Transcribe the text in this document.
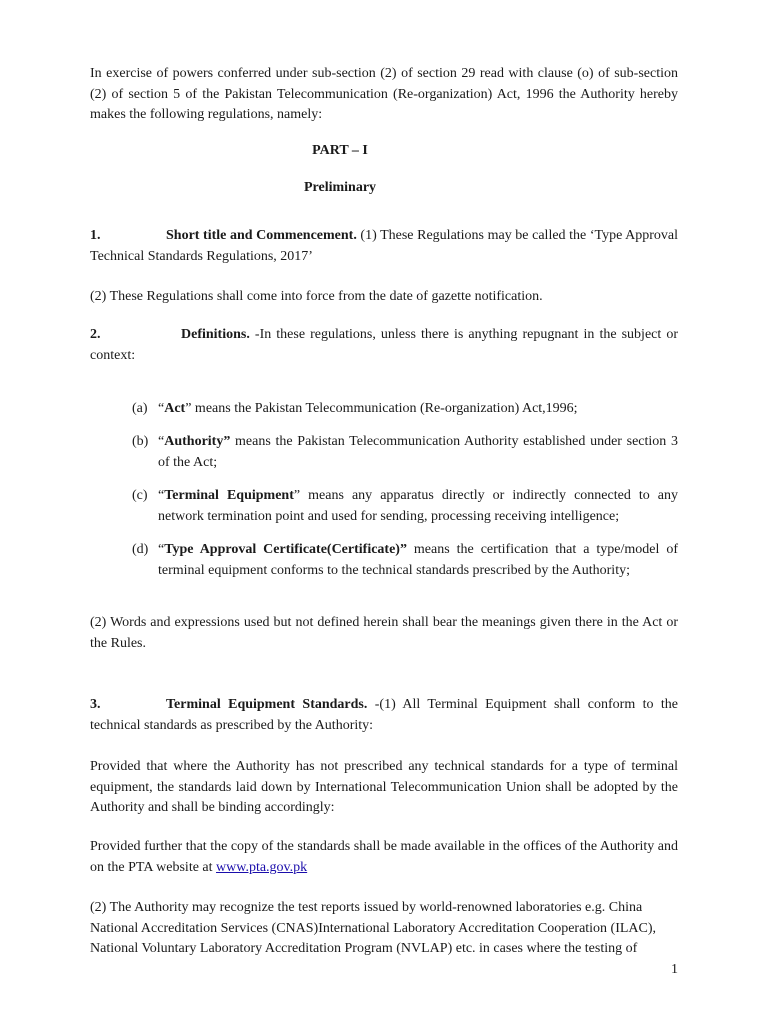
In exercise of powers conferred under sub-section (2) of section 29 read with clause (o) of sub-section (2) of section 5 of the Pakistan Telecommunication (Re-organization) Act, 1996 the Authority hereby makes the following regulations, namely:

PART – I

Preliminary

1.	Short title and Commencement. (1) These Regulations may be called the ‘Type Approval Technical Standards Regulations, 2017’

(2) These Regulations shall come into force from the date of gazette notification.

2.	Definitions. -In these regulations, unless there is anything repugnant in the subject or context:

(a) “Act” means the Pakistan Telecommunication (Re-organization) Act,1996;
(b) “Authority” means the Pakistan Telecommunication Authority established under section 3 of the Act;
(c) “Terminal Equipment” means any apparatus directly or indirectly connected to any network termination point and used for sending, processing receiving intelligence;
(d) “Type Approval Certificate(Certificate)” means the certification that a type/model of terminal equipment conforms to the technical standards prescribed by the Authority;

(2) Words and expressions used but not defined herein shall bear the meanings given there in the Act or the Rules.

3.	Terminal Equipment Standards. -(1) All Terminal Equipment shall conform to the technical standards as prescribed by the Authority:

Provided that where the Authority has not prescribed any technical standards for a type of terminal equipment, the standards laid down by International Telecommunication Union shall be adopted by the Authority and shall be binding accordingly:

Provided further that the copy of the standards shall be made available in the offices of the Authority and on the PTA website at www.pta.gov.pk

(2) The Authority may recognize the test reports issued by world-renowned laboratories e.g. China National Accreditation Services (CNAS)International Laboratory Accreditation Cooperation (ILAC), National Voluntary Laboratory Accreditation Program (NVLAP) etc. in cases where the testing of

1
